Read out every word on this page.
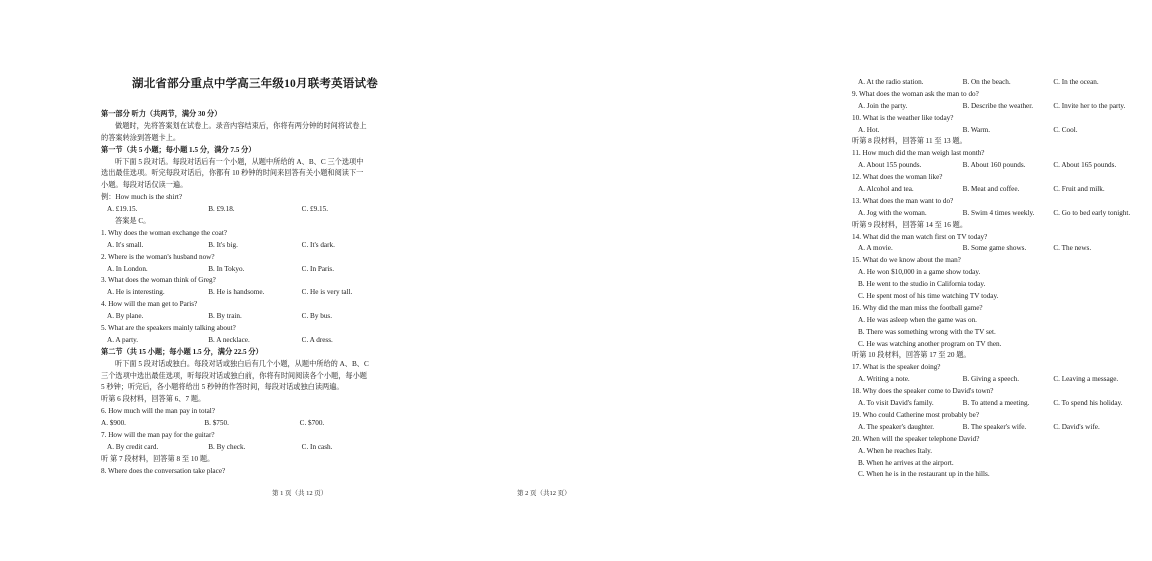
湖北省部分重点中学高三年级10月联考英语试卷
第一部分 听力（共两节，满分 30 分）
做题时，先将答案划在试卷上。录音内容结束后，你将有两分钟的时间将试卷上
的答案转涂到答题卡上。
第一节（共 5 小题；每小题 1.5 分，满分 7.5 分）
听下面 5 段对话。每段对话后有一个小题，从题中所给的 A、B、C 三个选项中
选出最佳选项。听完每段对话后，你都有 10 秒钟的时间来回答有关小题和阅读下一
小题。每段对话仅读一遍。
例：How much is the shirt?
A. £19.15.	B. £9.18.	C. £9.15.
答案是 C。
1. Why does the woman exchange the coat?
A. It's small.	B. It's big.	C. It's dark.
2. Where is the woman's husband now?
A. In London.	B. In Tokyo.	C. In Paris.
3. What does the woman think of Greg?
A. He is interesting.	B. He is handsome.	C. He is very tall.
4. How will the man get to Paris?
A. By plane.	B. By train.	C. By bus.
5. What are the speakers mainly talking about?
A. A party.	B. A necklace.	C. A dress.
第二节（共 15 小题；每小题 1.5 分，满分 22.5 分）
听下面 5 段对话或独白。每段对话或独白后有几个小题，从题中所给的 A、B、C
三个选项中选出最佳选项，听每段对话或独白前，你将有时间阅读各个小题，每小题
5 秒钟；听完后，各小题将给出 5 秒钟的作答时间，每段对话或独白读两遍。
听第 6 段材料，回答第 6、7 题。
6. How much will the man pay in total?
A. $900.	B. $750.	C. $700.
7. How will the man pay for the guitar?
A. By credit card.	B. By check.	C. In cash.
听 第 7 段材料，回答第 8 至 10 题。
8. Where does the conversation take place?
第 1 页（共 12 页）
A. At the radio station.	B. On the beach.	C. In the ocean.
9. What does the woman ask the man to do?
A. Join the party.	B. Describe the weather.	C. Invite her to the party.
10. What is the weather like today?
A. Hot.	B. Warm.	C. Cool.
听第 8 段材料，回答第 11 至 13 题。
11. How much did the man weigh last month?
A. About 155 pounds.	B. About 160 pounds.	C. About 165 pounds.
12. What does the woman like?
A. Alcohol and tea.	B. Meat and coffee.	C. Fruit and milk.
13. What does the man want to do?
A. Jog with the woman.	B. Swim 4 times weekly.	C. Go to bed early tonight.
听第 9 段材料，回答第 14 至 16 题。
14. What did the man watch first on TV today?
A. A movie.	B. Some game shows.	C. The news.
15. What do we know about the man?
A. He won $10,000 in a game show today.
B. He went to the studio in California today.
C. He spent most of his time watching TV today.
16. Why did the man miss the football game?
A. He was asleep when the game was on.
B. There was something wrong with the TV set.
C. He was watching another program on TV then.
听第 10 段材料，回答第 17 至 20 题。
17. What is the speaker doing?
A. Writing a note.	B. Giving a speech.	C. Leaving a message.
18. Why does the speaker come to David's town?
A. To visit David's family.	B. To attend a meeting.	C. To spend his holiday.
19. Who could Catherine most probably be?
A. The speaker's daughter.	B. The speaker's wife.	C. David's wife.
20. When will the speaker telephone David?
A. When he reaches Italy.
B. When he arrives at the airport.
C. When he is in the restaurant up in the hills.
第 2 页（共12 页）
